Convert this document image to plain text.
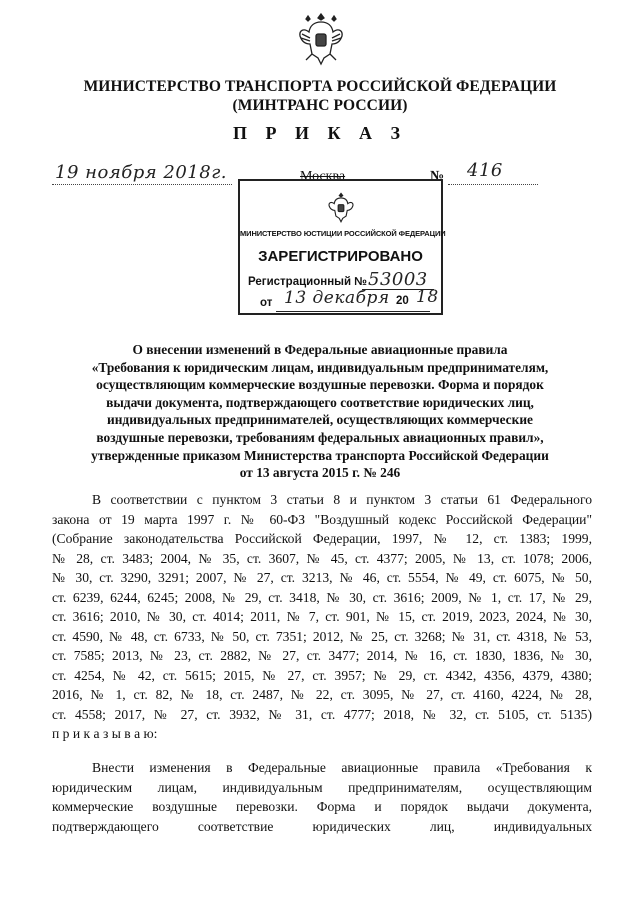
МИНИСТЕРСТВО ТРАНСПОРТА РОССИЙСКОЙ ФЕДЕРАЦИИ
(МИНТРАНС РОССИИ)
П Р И К А З
19 ноября 2018г.	Москва	№ 416
МИНИСТЕРСТВО ЮСТИЦИИ РОССИЙСКОЙ ФЕДЕРАЦИИ
ЗАРЕГИСТРИРОВАНО
Регистрационный № 53003
от 13 декабря 20 18
О внесении изменений в Федеральные авиационные правила
«Требования к юридическим лицам, индивидуальным предпринимателям,
осуществляющим коммерческие воздушные перевозки. Форма и порядок
выдачи документа, подтверждающего соответствие юридических лиц,
индивидуальных предпринимателей, осуществляющих коммерческие
воздушные перевозки, требованиям федеральных авиационных правил»,
утвержденные приказом Министерства транспорта Российской Федерации
от 13 августа 2015 г. № 246
В соответствии с пунктом 3 статьи 8 и пунктом 3 статьи 61 Федерального
закона от 19 марта 1997 г. № 60-ФЗ "Воздушный кодекс Российской Федерации"
(Собрание законодательства Российской Федерации, 1997, № 12, ст. 1383; 1999,
№ 28, ст. 3483; 2004, № 35, ст. 3607, № 45, ст. 4377; 2005, № 13, ст. 1078; 2006,
№ 30, ст. 3290, 3291; 2007, № 27, ст. 3213, № 46, ст. 5554, № 49, ст. 6075, № 50,
ст. 6239, 6244, 6245; 2008, № 29, ст. 3418, № 30, ст. 3616; 2009, № 1, ст. 17, № 29,
ст. 3616; 2010, № 30, ст. 4014; 2011, № 7, ст. 901, № 15, ст. 2019, 2023, 2024, № 30,
ст. 4590, № 48, ст. 6733, № 50, ст. 7351; 2012, № 25, ст. 3268; № 31, ст. 4318, № 53,
ст. 7585; 2013, № 23, ст. 2882, № 27, ст. 3477; 2014, № 16, ст. 1830, 1836, № 30,
ст. 4254, № 42, ст. 5615; 2015, № 27, ст. 3957; № 29, ст. 4342, 4356, 4379, 4380;
2016, № 1, ст. 82, № 18, ст. 2487, № 22, ст. 3095, № 27, ст. 4160, 4224, № 28,
ст. 4558; 2017, № 27, ст. 3932, № 31, ст. 4777; 2018, № 32, ст. 5105, ст. 5135)
п р и к а з ы в а ю:
Внести изменения в Федеральные авиационные правила «Требования к
юридическим лицам, индивидуальным предпринимателям, осуществляющим
коммерческие воздушные перевозки. Форма и порядок выдачи документа,
подтверждающего соответствие юридических лиц, индивидуальных
